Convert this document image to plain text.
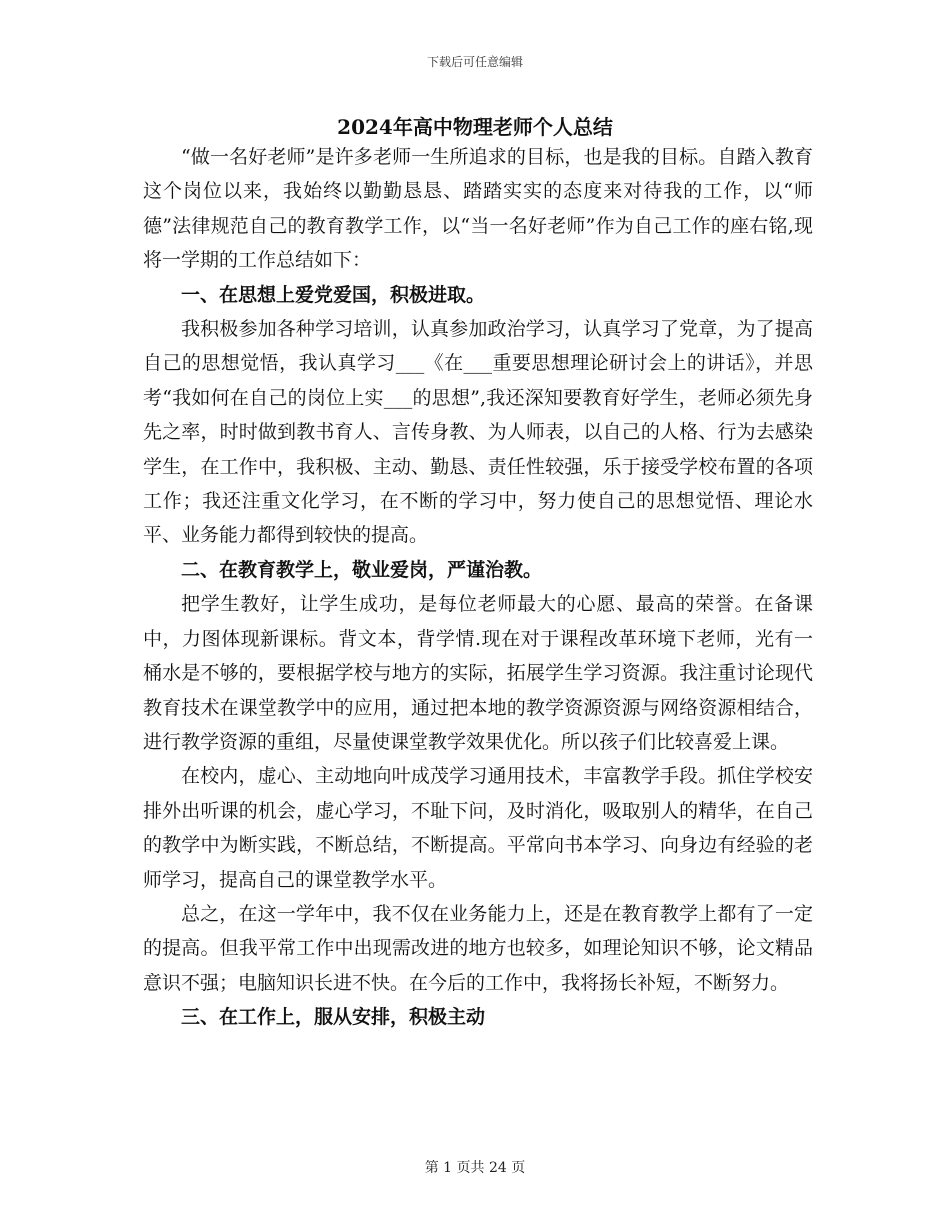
下载后可任意编辑
2024年高中物理老师个人总结

“做一名好老师”是许多老师一生所追求的目标，也是我的目标。自踏入教育这个岗位以来，我始终以勤勤恳恳、踏踏实实的态度来对待我的工作，以“师德”法律规范自己的教育教学工作，以“当一名好老师”作为自己工作的座右铭,现将一学期的工作总结如下：

一、在思想上爱党爱国，积极进取。

我积极参加各种学习培训，认真参加政治学习，认真学习了党章，为了提高自己的思想觉悟，我认真学习___《在___重要思想理论研讨会上的讲话》，并思考“我如何在自己的岗位上实___的思想”,我还深知要教育好学生，老师必须先身先之率，时时做到教书育人、言传身教、为人师表，以自己的人格、行为去感染学生，在工作中，我积极、主动、勤恳、责任性较强，乐于接受学校布置的各项工作；我还注重文化学习，在不断的学习中，努力使自己的思想觉悟、理论水平、业务能力都得到较快的提高。

二、在教育教学上，敬业爱岗，严谨治教。

把学生教好，让学生成功，是每位老师最大的心愿、最高的荣誉。在备课中，力图体现新课标。背文本，背学情.现在对于课程改革环境下老师，光有一桶水是不够的，要根据学校与地方的实际，拓展学生学习资源。我注重讨论现代教育技术在课堂教学中的应用，通过把本地的教学资源资源与网络资源相结合，进行教学资源的重组，尽量使课堂教学效果优化。所以孩子们比较喜爱上课。

在校内，虚心、主动地向叶成茂学习通用技术，丰富教学手段。抓住学校安排外出听课的机会，虚心学习，不耻下问，及时消化，吸取别人的精华，在自己的教学中为断实践，不断总结，不断提高。平常向书本学习、向身边有经验的老师学习，提高自己的课堂教学水平。

总之，在这一学年中，我不仅在业务能力上，还是在教育教学上都有了一定的提高。但我平常工作中出现需改进的地方也较多，如理论知识不够，论文精品意识不强；电脑知识长进不快。在今后的工作中，我将扬长补短，不断努力。

三、在工作上，服从安排，积极主动

第 1 页共 24 页
